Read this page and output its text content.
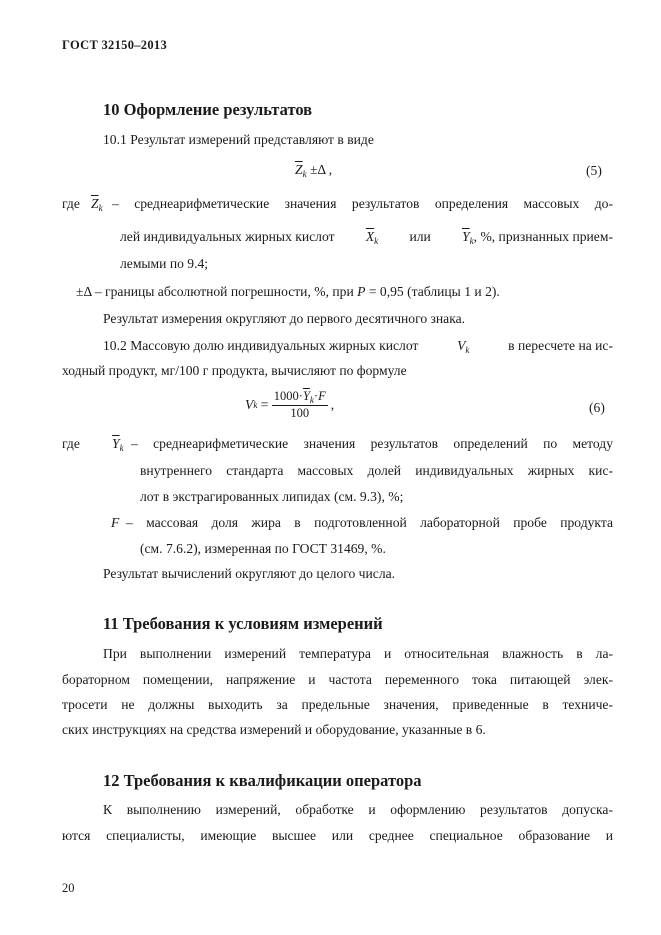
ГОСТ 32150–2013
10 Оформление результатов
10.1 Результат измерений представляют в виде
$\overline{Z}_k \pm\Delta$ ,	(5)
где $\overline{Z}_k$ – среднеарифметические значения результатов определения массовых до-
лей индивидуальных жирных кислот $\overline{X}_k$ или $\overline{Y}_k$, %, признанных прием-
лемыми по 9.4;
±Δ – границы абсолютной погрешности, %, при P = 0,95 (таблицы 1 и 2).
Результат измерения округляют до первого десятичного знака.
10.2 Массовую долю индивидуальных жирных кислот	$V_k$	в пересчете на ис-
ходный продукт, мг/100 г продукта, вычисляют по формуле
V $k = \frac{1000\cdot\overline{Y}_k\cdot F}{100}$ ,	(6)
где $\overline{Y}_k$ – среднеарифметические значения результатов определений по методу
внутреннего стандарта массовых долей индивидуальных жирных кис-
лот в экстрагированных липидах (см. 9.3), %;
F – массовая доля жира в подготовленной лабораторной пробе продукта
(см. 7.6.2), измеренная по ГОСТ 31469, %.
Результат вычислений округляют до целого числа.
11 Требования к условиям измерений
При выполнении измерений температура и относительная влажность в ла-
бораторном помещении, напряжение и частота переменного тока питающей элек-
тросети не должны выходить за предельные значения, приведенные в техниче-
ских инструкциях на средства измерений и оборудование, указанные в 6.
12 Требования к квалификации оператора
К выполнению измерений, обработке и оформлению результатов допуска-
ются специалисты, имеющие высшее или среднее специальное образование и
20
